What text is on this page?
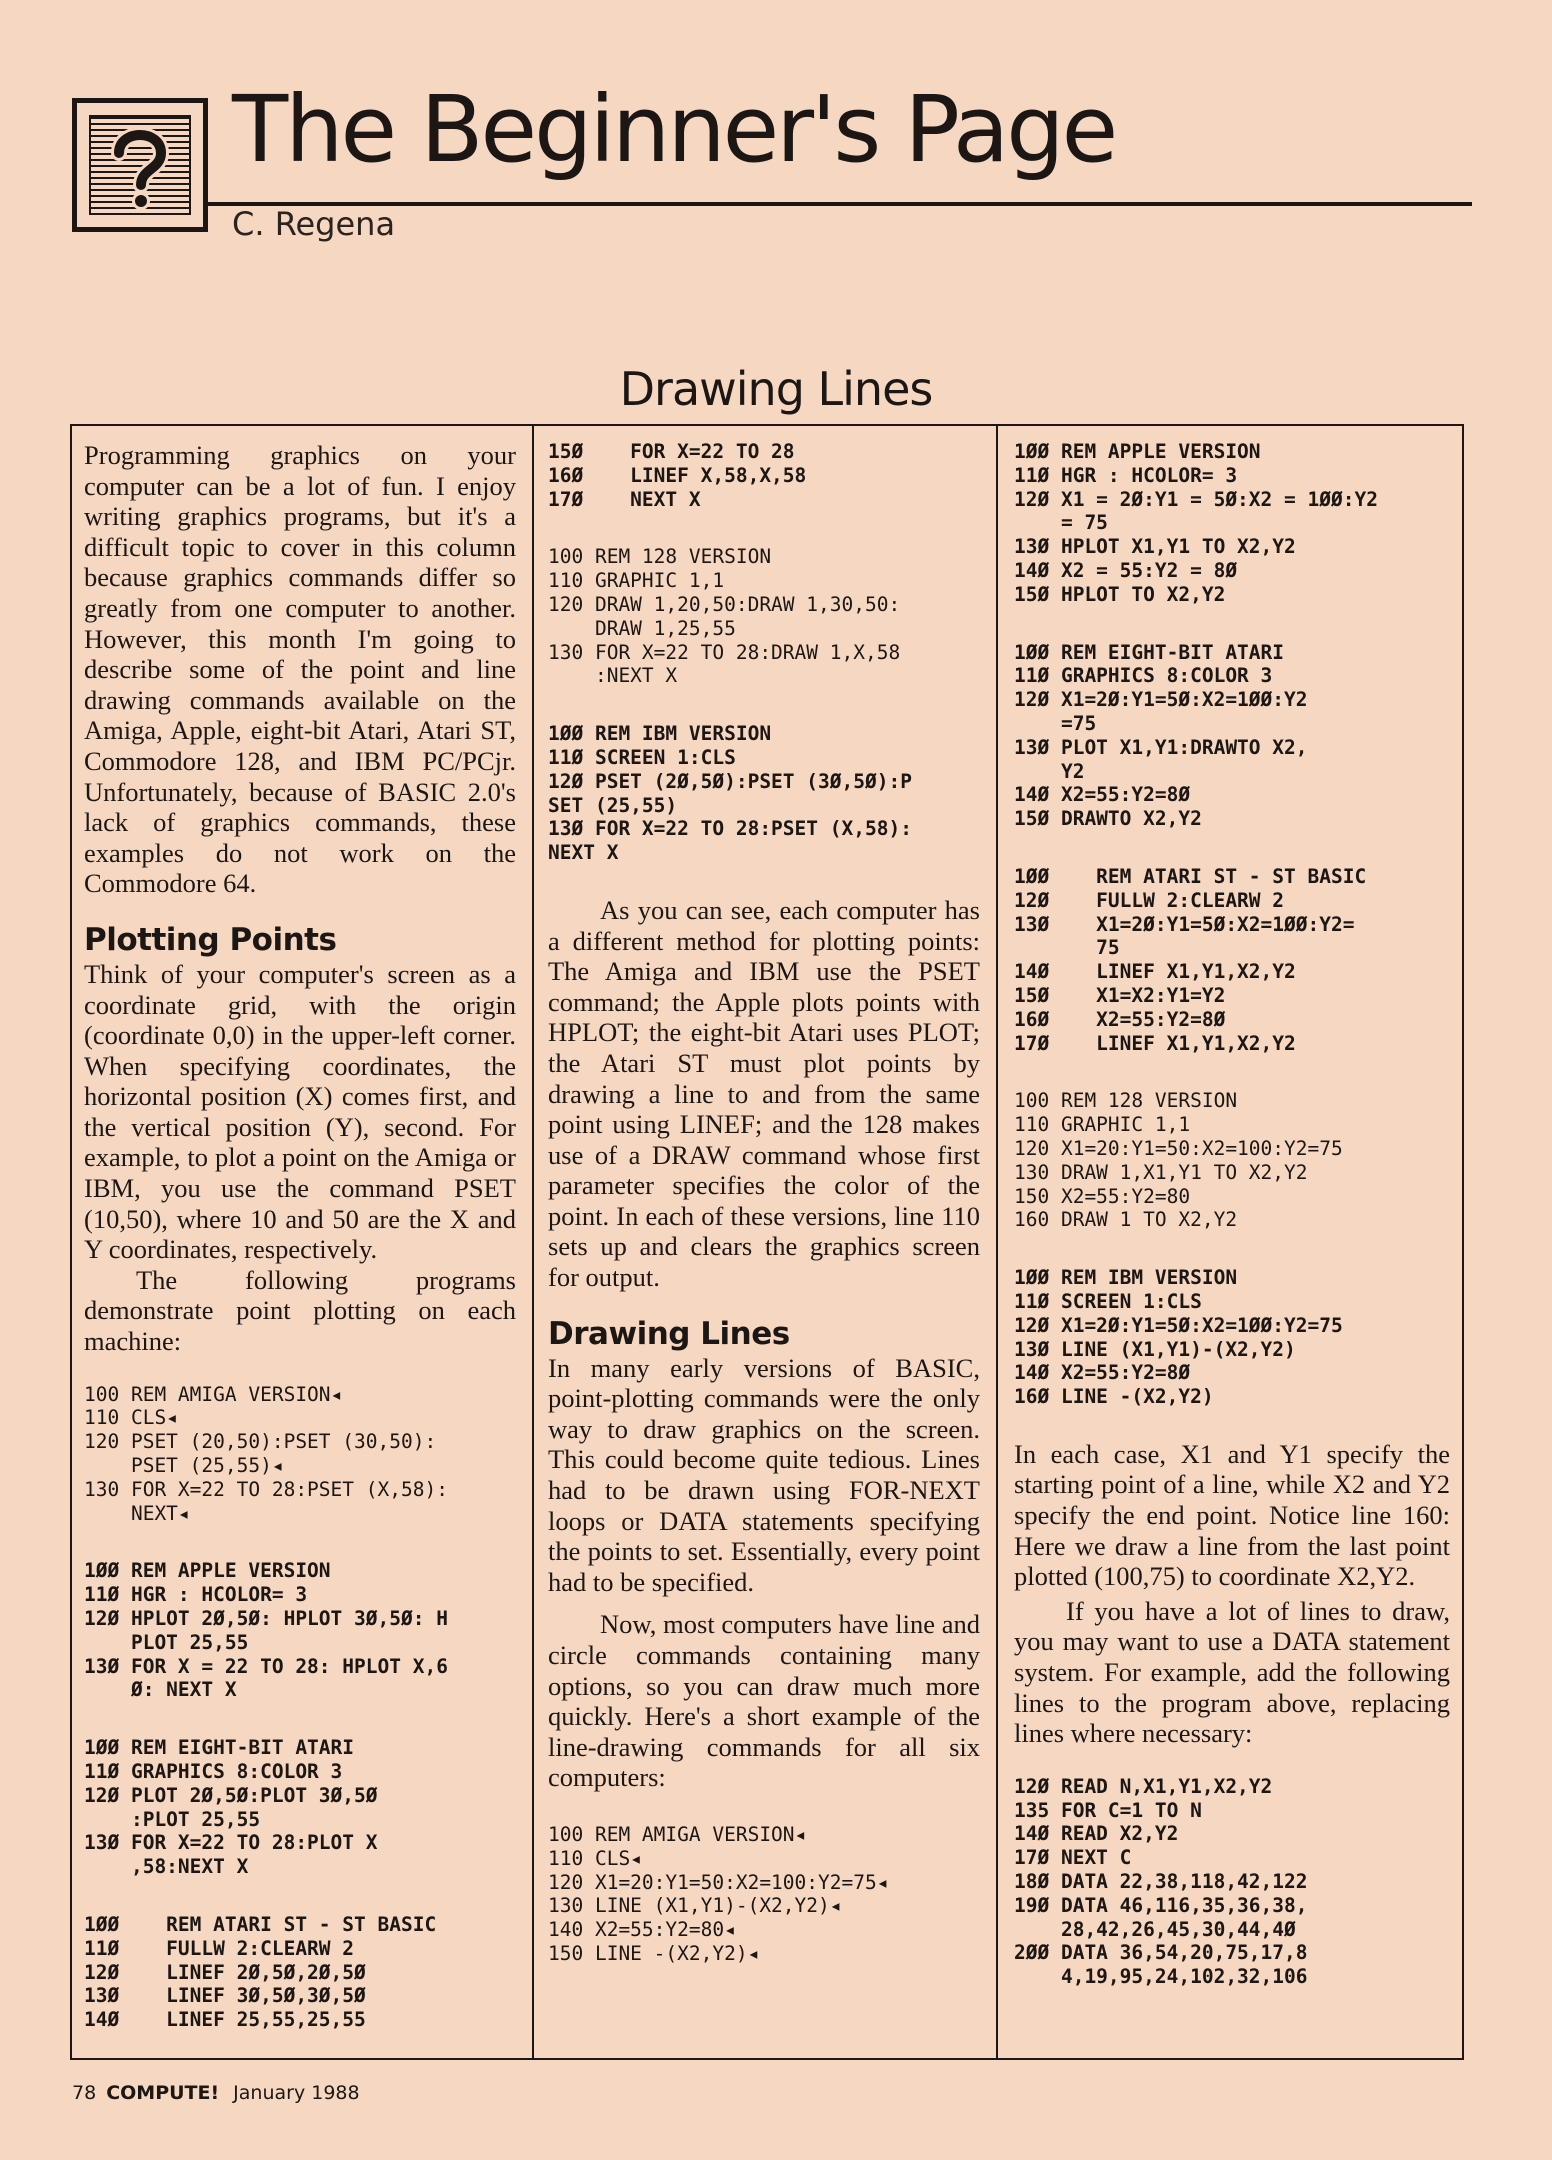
The Beginner's Page
C. Regena
Drawing Lines

Programming graphics on your computer can be a lot of fun. I enjoy writing graphics programs, but it's a difficult topic to cover in this column because graphics commands differ so greatly from one computer to another. However, this month I'm going to describe some of the point and line drawing commands available on the Amiga, Apple, eight-bit Atari, Atari ST, Commodore 128, and IBM PC/PCjr. Unfortunately, because of BASIC 2.0's lack of graphics commands, these examples do not work on the Commodore 64.

Plotting Points

Think of your computer's screen as a coordinate grid, with the origin (coordinate 0,0) in the upper-left corner. When specifying coordinates, the horizontal position (X) comes first, and the vertical position (Y), second. For example, to plot a point on the Amiga or IBM, you use the command PSET (10,50), where 10 and 50 are the X and Y coordinates, respectively.

The following programs demonstrate point plotting on each machine:

100 REM AMIGA VERSION◂
110 CLS◂
120 PSET (20,50):PSET (30,50):
PSET (25,55)◂
130 FOR X=22 TO 28:PSET (X,58):
NEXT◂
1ØØ REM APPLE VERSION
11Ø HGR : HCOLOR= 3
12Ø HPLOT 2Ø,5Ø: HPLOT 3Ø,5Ø: H
PLOT 25,55
13Ø FOR X = 22 TO 28: HPLOT X,6
Ø: NEXT X
1ØØ REM EIGHT-BIT ATARI
11Ø GRAPHICS 8:COLOR 3
12Ø PLOT 2Ø,5Ø:PLOT 3Ø,5Ø
:PLOT 25,55
13Ø FOR X=22 TO 28:PLOT X
,58:NEXT X
1ØØ    REM ATARI ST - ST BASIC
11Ø    FULLW 2:CLEARW 2
12Ø    LINEF 2Ø,5Ø,2Ø,5Ø
13Ø    LINEF 3Ø,5Ø,3Ø,5Ø
14Ø    LINEF 25,55,25,55
15Ø    FOR X=22 TO 28
16Ø    LINEF X,58,X,58
17Ø    NEXT X
100 REM 128 VERSION
110 GRAPHIC 1,1
120 DRAW 1,20,50:DRAW 1,30,50:
DRAW 1,25,55
130 FOR X=22 TO 28:DRAW 1,X,58
:NEXT X
1ØØ REM IBM VERSION
11Ø SCREEN 1:CLS
12Ø PSET (2Ø,5Ø):PSET (3Ø,5Ø):P
SET (25,55)
13Ø FOR X=22 TO 28:PSET (X,58):
NEXT X

As you can see, each computer has a different method for plotting points: The Amiga and IBM use the PSET command; the Apple plots points with HPLOT; the eight-bit Atari uses PLOT; the Atari ST must plot points by drawing a line to and from the same point using LINEF; and the 128 makes use of a DRAW command whose first parameter specifies the color of the point. In each of these versions, line 110 sets up and clears the graphics screen for output.

Drawing Lines

In many early versions of BASIC, point-plotting commands were the only way to draw graphics on the screen. This could become quite tedious. Lines had to be drawn using FOR-NEXT loops or DATA statements specifying the points to set. Essentially, every point had to be specified.

Now, most computers have line and circle commands containing many options, so you can draw much more quickly. Here's a short example of the line-drawing commands for all six computers:

100 REM AMIGA VERSION◂
110 CLS◂
120 X1=20:Y1=50:X2=100:Y2=75◂
130 LINE (X1,Y1)-(X2,Y2)◂
140 X2=55:Y2=80◂
150 LINE -(X2,Y2)◂
1ØØ REM APPLE VERSION
11Ø HGR : HCOLOR= 3
12Ø X1 = 2Ø:Y1 = 5Ø:X2 = 1ØØ:Y2
= 75
13Ø HPLOT X1,Y1 TO X2,Y2
14Ø X2 = 55:Y2 = 8Ø
15Ø HPLOT TO X2,Y2
1ØØ REM EIGHT-BIT ATARI
11Ø GRAPHICS 8:COLOR 3
12Ø X1=2Ø:Y1=5Ø:X2=1ØØ:Y2
=75
13Ø PLOT X1,Y1:DRAWTO X2,
Y2
14Ø X2=55:Y2=8Ø
15Ø DRAWTO X2,Y2
1ØØ    REM ATARI ST - ST BASIC
12Ø    FULLW 2:CLEARW 2
13Ø    X1=2Ø:Y1=5Ø:X2=1ØØ:Y2=
75
14Ø    LINEF X1,Y1,X2,Y2
15Ø    X1=X2:Y1=Y2
16Ø    X2=55:Y2=8Ø
17Ø    LINEF X1,Y1,X2,Y2
100 REM 128 VERSION
110 GRAPHIC 1,1
120 X1=20:Y1=50:X2=100:Y2=75
130 DRAW 1,X1,Y1 TO X2,Y2
150 X2=55:Y2=80
160 DRAW 1 TO X2,Y2
1ØØ REM IBM VERSION
11Ø SCREEN 1:CLS
12Ø X1=2Ø:Y1=5Ø:X2=1ØØ:Y2=75
13Ø LINE (X1,Y1)-(X2,Y2)
14Ø X2=55:Y2=8Ø
16Ø LINE -(X2,Y2)

In each case, X1 and Y1 specify the starting point of a line, while X2 and Y2 specify the end point. Notice line 160: Here we draw a line from the last point plotted (100,75) to coordinate X2,Y2.

If you have a lot of lines to draw, you may want to use a DATA statement system. For example, add the following lines to the program above, replacing lines where necessary:

12Ø READ N,X1,Y1,X2,Y2
135 FOR C=1 TO N
14Ø READ X2,Y2
17Ø NEXT C
18Ø DATA 22,38,118,42,122
19Ø DATA 46,116,35,36,38,
28,42,26,45,30,44,4Ø
2ØØ DATA 36,54,20,75,17,8
4,19,95,24,102,32,106
78 COMPUTE! January 1988
